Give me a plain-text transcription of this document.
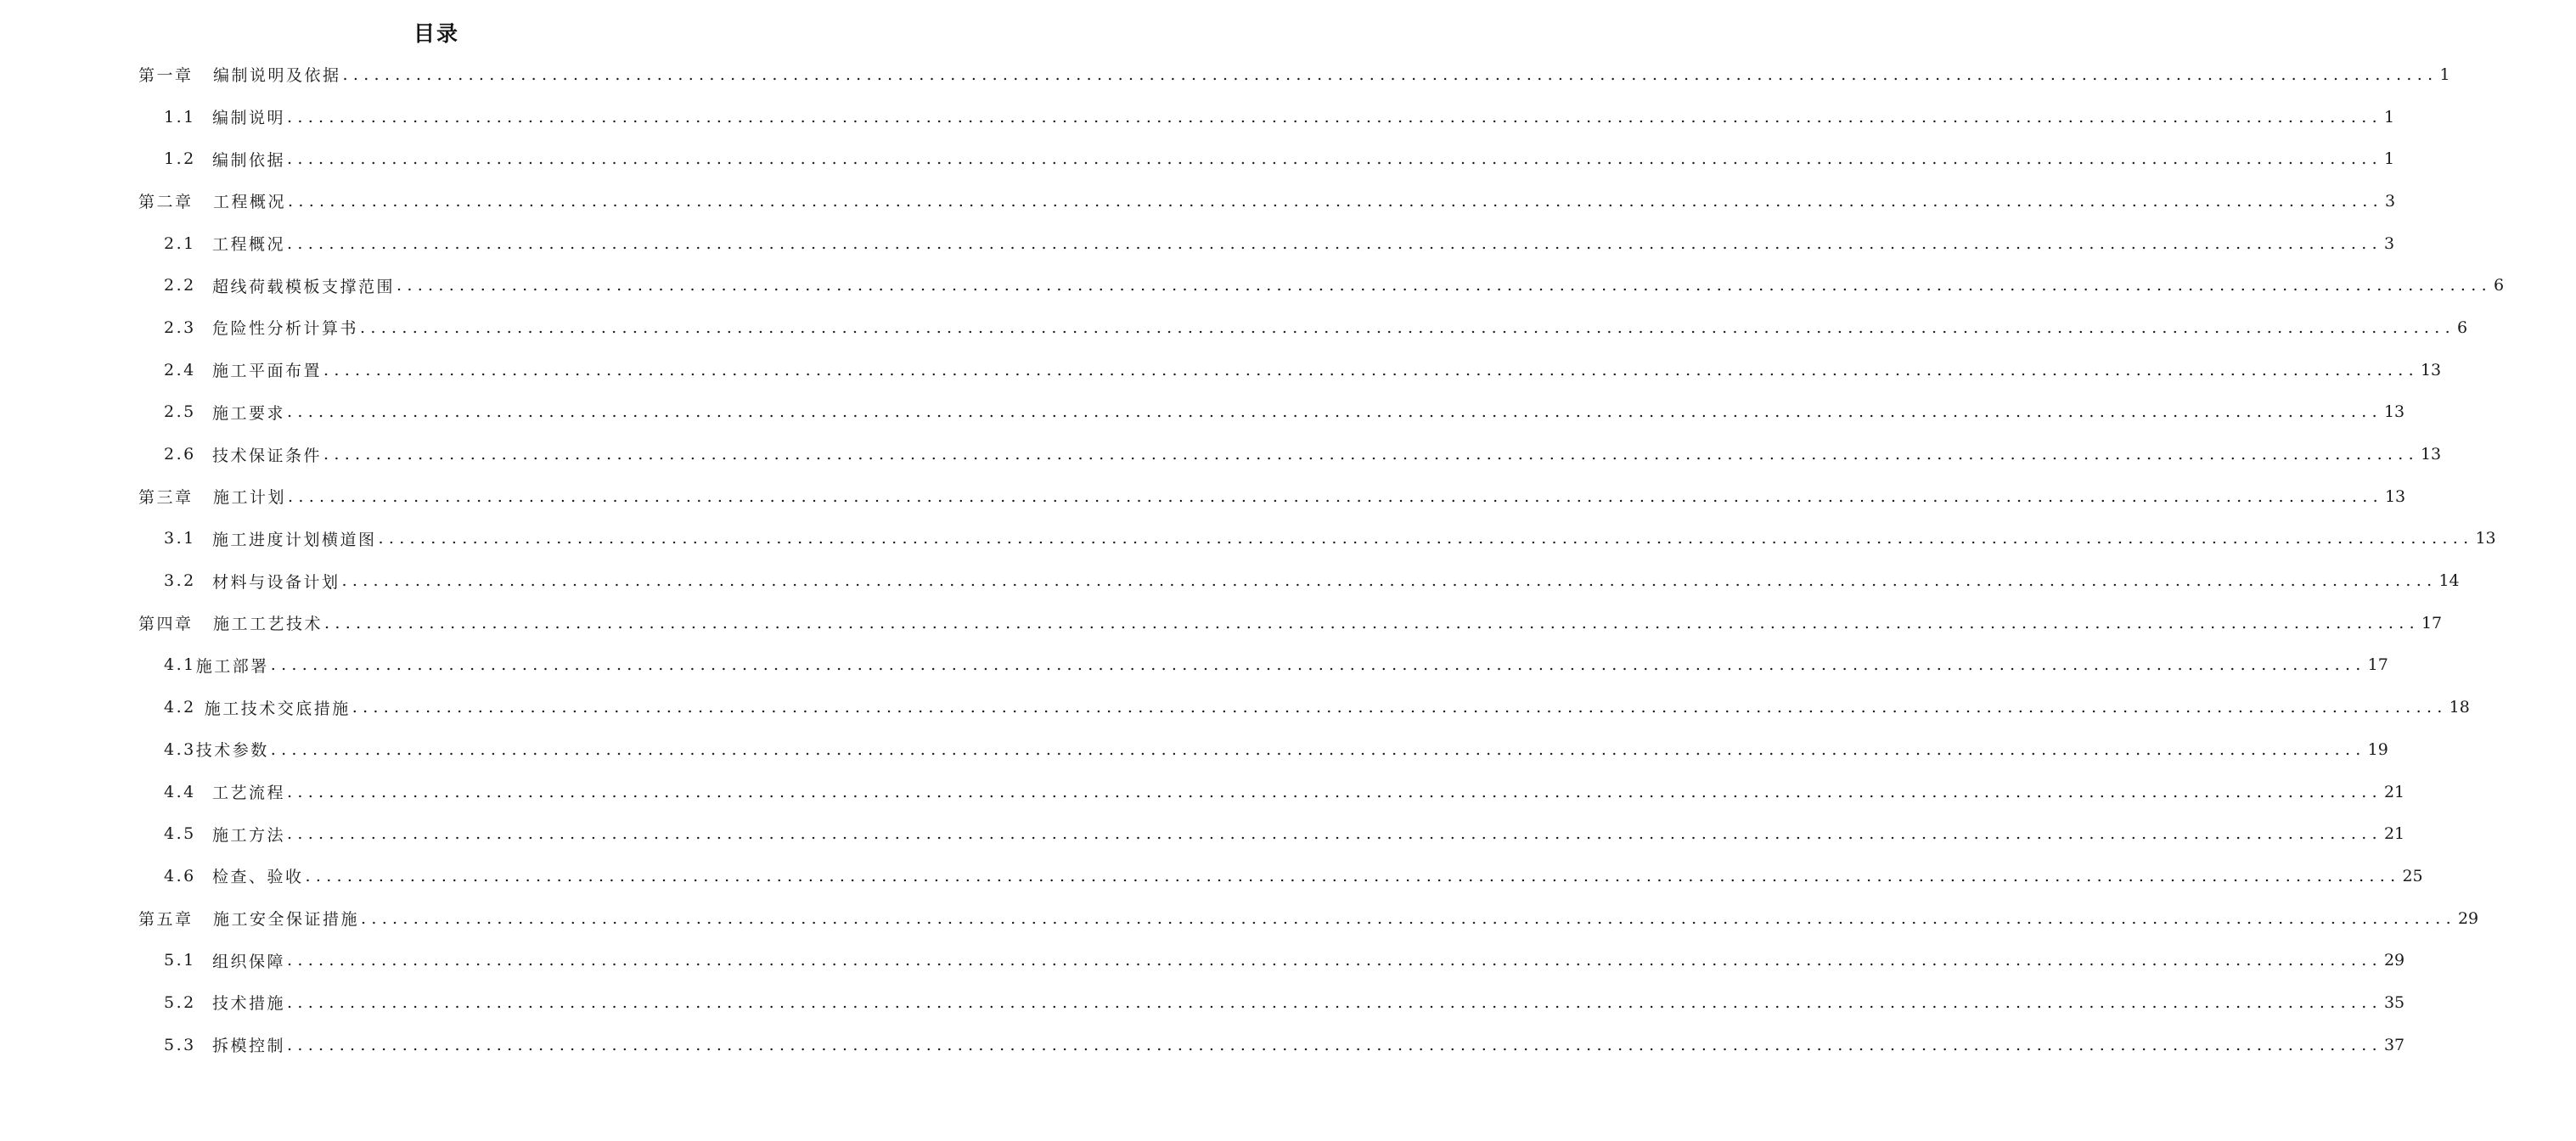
目录
第一章	编制说明及依据 ........................................................................................................................................................................................................ 1
1.1	编制说明 ........................................................................................................................................................................................................ 1
1.2	编制依据 ........................................................................................................................................................................................................ 1
第二章	工程概况 ........................................................................................................................................................................................................ 3
2.1	工程概况 ........................................................................................................................................................................................................ 3
2.2	超线荷载模板支撑范围 ........................................................................................................................................................................................................ 6
2.3	危险性分析计算书 ........................................................................................................................................................................................................ 6
2.4	施工平面布置 ........................................................................................................................................................................................................ 13
2.5	施工要求 ........................................................................................................................................................................................................ 13
2.6	技术保证条件 ........................................................................................................................................................................................................ 13
第三章	施工计划 ........................................................................................................................................................................................................ 13
3.1	施工进度计划横道图 ........................................................................................................................................................................................................ 13
3.2	材料与设备计划 ........................................................................................................................................................................................................ 14
第四章	施工工艺技术 ........................................................................................................................................................................................................ 17
4.1 施工部署 ........................................................................................................................................................................................................ 17
4.2 施工技术交底措施 ........................................................................................................................................................................................................ 18
4.3 技术参数 ........................................................................................................................................................................................................ 19
4.4	工艺流程 ........................................................................................................................................................................................................ 21
4.5	施工方法 ........................................................................................................................................................................................................ 21
4.6	检查、验收 ........................................................................................................................................................................................................ 25
第五章	施工安全保证措施 ........................................................................................................................................................................................................ 29
5.1	组织保障 ........................................................................................................................................................................................................ 29
5.2	技术措施 ........................................................................................................................................................................................................ 35
5.3	拆模控制 ........................................................................................................................................................................................................ 37
